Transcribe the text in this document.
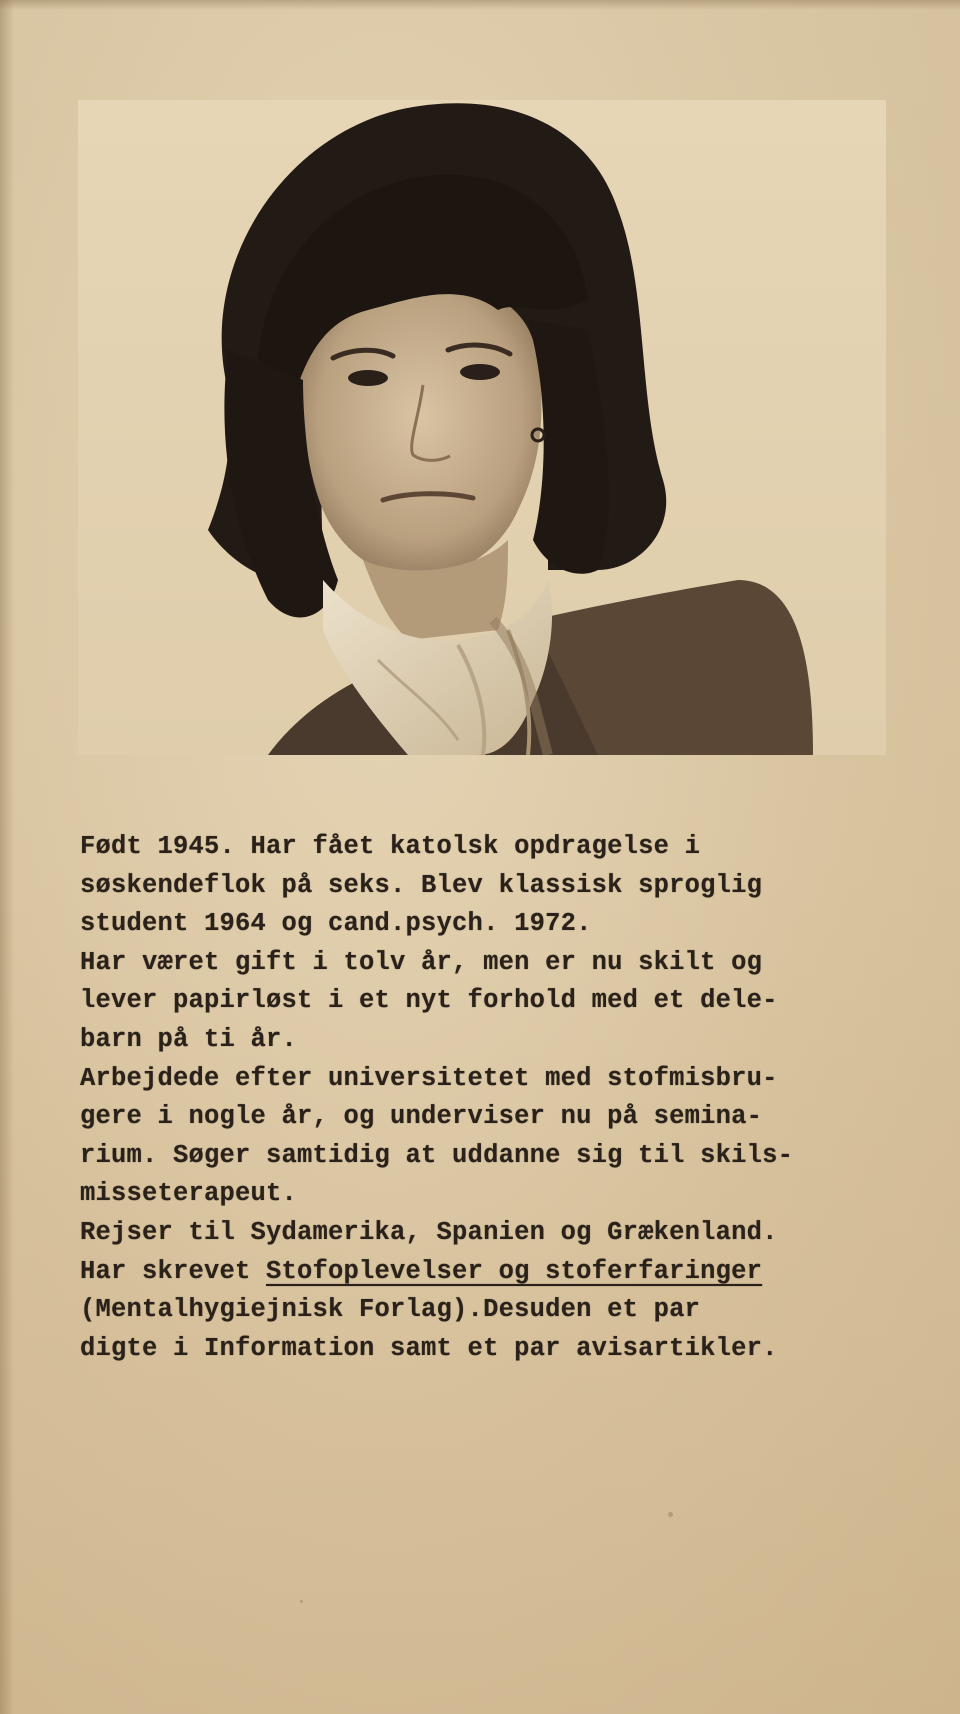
Født 1945. Har fået katolsk opdragelse i
søskendeflok på seks. Blev klassisk sproglig
student 1964 og cand.psych. 1972.
Har været gift i tolv år, men er nu skilt og
lever papirløst i et nyt forhold med et dele-
barn på ti år.
Arbejdede efter universitetet med stofmisbru-
gere i nogle år, og underviser nu på semina-
rium. Søger samtidig at uddanne sig til skils-
misseterapeut.
Rejser til Sydamerika, Spanien og Grækenland.
Har skrevet Stofoplevelser og stoferfaringer
(Mentalhygiejnisk Forlag).Desuden et par
digte i Information samt et par avisartikler.
